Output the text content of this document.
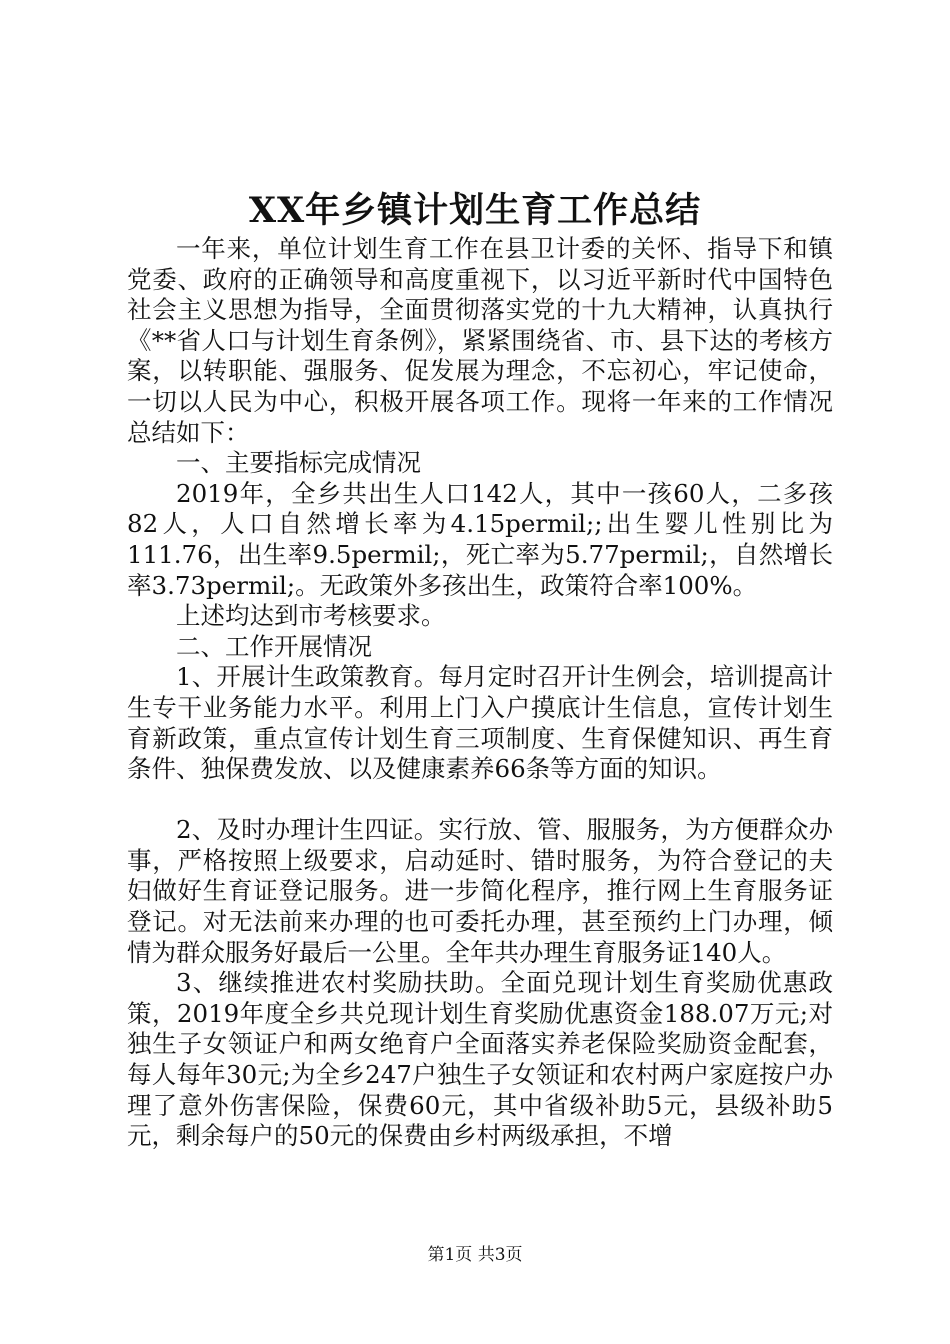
XX年乡镇计划生育工作总结

一年来，单位计划生育工作在县卫计委的关怀、指导下和镇党委、政府的正确领导和高度重视下，以习近平新时代中国特色社会主义思想为指导，全面贯彻落实党的十九大精神，认真执行《**省人口与计划生育条例》，紧紧围绕省、市、县下达的考核方案，以转职能、强服务、促发展为理念，不忘初心，牢记使命，一切以人民为中心，积极开展各项工作。现将一年来的工作情况总结如下：

一、主要指标完成情况

2019年，全乡共出生人口142人，其中一孩60人，二多孩82人，人口自然增长率为4.15permil;;出生婴儿性别比为111.76，出生率9.5permil;，死亡率为5.77permil;，自然增长率3.73permil;。无政策外多孩出生，政策符合率100%。

上述均达到市考核要求。

二、工作开展情况

1、开展计生政策教育。每月定时召开计生例会，培训提高计生专干业务能力水平。利用上门入户摸底计生信息，宣传计划生育新政策，重点宣传计划生育三项制度、生育保健知识、再生育条件、独保费发放、以及健康素养66条等方面的知识。

2、及时办理计生四证。实行放、管、服服务，为方便群众办事，严格按照上级要求，启动延时、错时服务，为符合登记的夫妇做好生育证登记服务。进一步简化程序，推行网上生育服务证登记。对无法前来办理的也可委托办理，甚至预约上门办理，倾情为群众服务好最后一公里。全年共办理生育服务证140人。

3、继续推进农村奖励扶助。全面兑现计划生育奖励优惠政策，2019年度全乡共兑现计划生育奖励优惠资金188.07万元;对独生子女领证户和两女绝育户全面落实养老保险奖励资金配套，每人每年30元;为全乡247户独生子女领证和农村两户家庭按户办理了意外伤害保险，保费60元，其中省级补助5元，县级补助5元，剩余每户的50元的保费由乡村两级承担，不增

第1页 共3页
